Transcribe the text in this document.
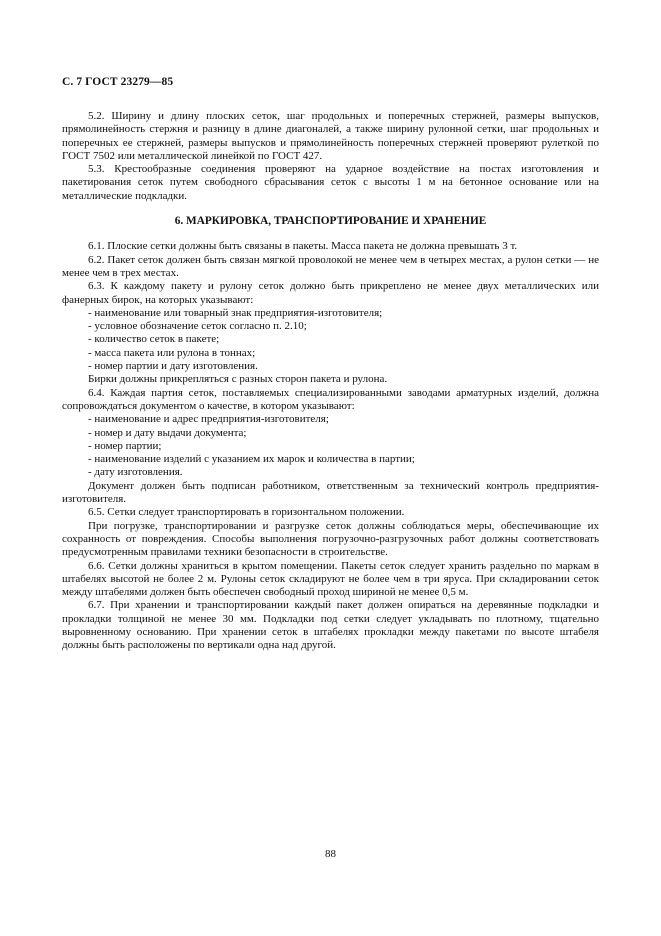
С. 7 ГОСТ 23279—85

5.2. Ширину и длину плоских сеток, шаг продольных и поперечных стержней, размеры выпусков, прямолинейность стержня и разницу в длине диагоналей, а также ширину рулонной сетки, шаг продольных и поперечных ее стержней, размеры выпусков и прямолинейность поперечных стержней проверяют рулеткой по ГОСТ 7502 или металлической линейкой по ГОСТ 427.

5.3. Крестообразные соединения проверяют на ударное воздействие на постах изготовления и пакетирования сеток путем свободного сбрасывания сеток с высоты 1 м на бетонное основание или на металлические подкладки.

6. МАРКИРОВКА, ТРАНСПОРТИРОВАНИЕ И ХРАНЕНИЕ

6.1. Плоские сетки должны быть связаны в пакеты. Масса пакета не должна превышать 3 т.

6.2. Пакет сеток должен быть связан мягкой проволокой не менее чем в четырех местах, а рулон сетки — не менее чем в трех местах.

6.3. К каждому пакету и рулону сеток должно быть прикреплено не менее двух металлических или фанерных бирок, на которых указывают:

- наименование или товарный знак предприятия-изготовителя;

- условное обозначение сеток согласно п. 2.10;

- количество сеток в пакете;

- масса пакета или рулона в тоннах;

- номер партии и дату изготовления.

Бирки должны прикрепляться с разных сторон пакета и рулона.

6.4. Каждая партия сеток, поставляемых специализированными заводами арматурных изделий, должна сопровождаться документом о качестве, в котором указывают:

- наименование и адрес предприятия-изготовителя;

- номер и дату выдачи документа;

- номер партии;

- наименование изделий с указанием их марок и количества в партии;

- дату изготовления.

Документ должен быть подписан работником, ответственным за технический контроль предприятия-изготовителя.

6.5. Сетки следует транспортировать в горизонтальном положении.

При погрузке, транспортировании и разгрузке сеток должны соблюдаться меры, обеспечивающие их сохранность от повреждения. Способы выполнения погрузочно-разгрузочных работ должны соответствовать предусмотренным правилами техники безопасности в строительстве.

6.6. Сетки должны храниться в крытом помещении. Пакеты сеток следует хранить раздельно по маркам в штабелях высотой не более 2 м. Рулоны сеток складируют не более чем в три яруса. При складировании сеток между штабелями должен быть обеспечен свободный проход шириной не менее 0,5 м.

6.7. При хранении и транспортировании каждый пакет должен опираться на деревянные подкладки и прокладки толщиной не менее 30 мм. Подкладки под сетки следует укладывать по плотному, тщательно выровненному основанию. При хранении сеток в штабелях прокладки между пакетами по высоте штабеля должны быть расположены по вертикали одна над другой.

88
